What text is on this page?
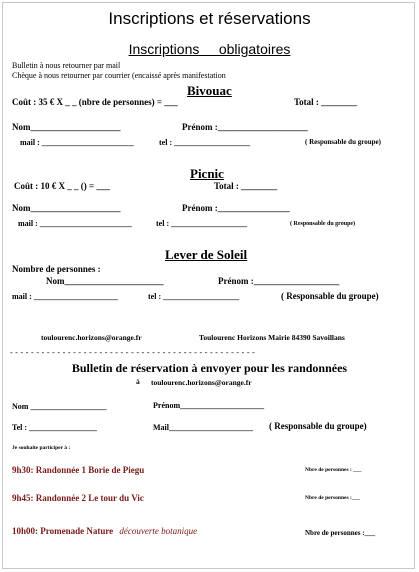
Inscriptions et réservations
Inscriptions     obligatoires
Bulletin à nous retourner par mail
Chèque à nous retourner par courrier (encaissé après manifestation
Bivouac
Coût : 35 € X _ _ (nbre de personnes) = ___	Total : ________
Nom____________________	Prénom :____________________
mail : _______________________	tel : ___________________	( Responsable du groupe)
Picnic
Coût : 10 € X _ _ () = ___	Total : ________
Nom____________________	Prénom :________________
mail : _______________________	tel : ___________________	( Responsable du groupe)
Lever de Soleil
Nombre de personnes :
Nom______________________	Prénom :___________________
mail : _____________________	tel : ___________________	( Responsable du groupe)
toulourenc.horizons@orange.fr	Toulourenc Horizons Mairie 84390 Savoillans
- - - - - - - - - - - - - - - - - - - - - - - - - - - - - - - - - - - - - - - - - - - - - - -
Bulletin de réservation à envoyer pour les randonnées
à toulourenc.horizons@orange.fr
Nom ___________________	Prénom_____________________
Tel : _________________	Mail_____________________ ( Responsable du groupe)
Je souhaite participer à :
9h30: Randonnée 1 Borie de Piegu	Nbre de personnes : ___
9h45: Randonnée 2 Le tour du Vic	Nbre de personnes :___
10h00: Promenade Nature découverte botanique	Nbre de personnes :___
